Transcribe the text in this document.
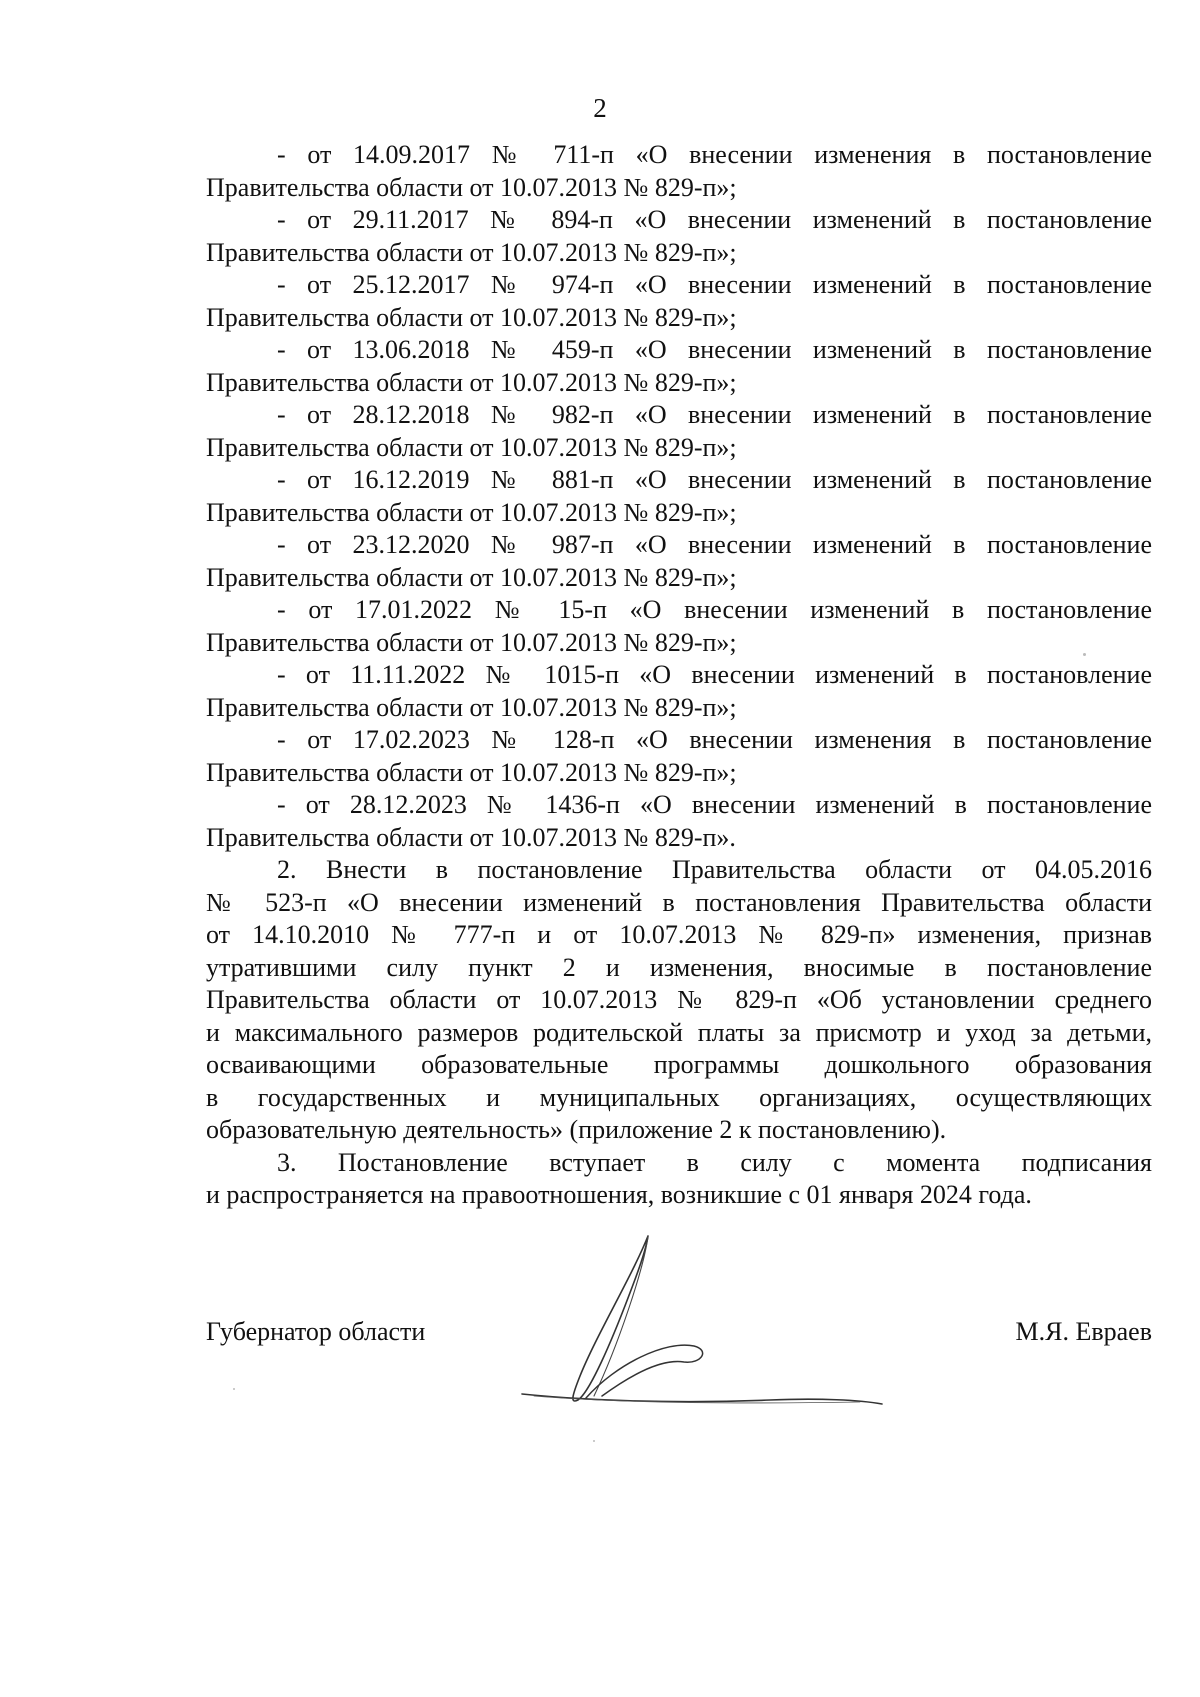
2
- от 14.09.2017 № 711-п «О внесении изменения в постановление
Правительства области от 10.07.2013 № 829-п»;
- от 29.11.2017 № 894-п «О внесении изменений в постановление
Правительства области от 10.07.2013 № 829-п»;
- от 25.12.2017 № 974-п «О внесении изменений в постановление
Правительства области от 10.07.2013 № 829-п»;
- от 13.06.2018 № 459-п «О внесении изменений в постановление
Правительства области от 10.07.2013 № 829-п»;
- от 28.12.2018 № 982-п «О внесении изменений в постановление
Правительства области от 10.07.2013 № 829-п»;
- от 16.12.2019 № 881-п «О внесении изменений в постановление
Правительства области от 10.07.2013 № 829-п»;
- от 23.12.2020 № 987-п «О внесении изменений в постановление
Правительства области от 10.07.2013 № 829-п»;
- от 17.01.2022 № 15-п «О внесении изменений в постановление
Правительства области от 10.07.2013 № 829-п»;
- от 11.11.2022 № 1015-п «О внесении изменений в постановление
Правительства области от 10.07.2013 № 829-п»;
- от 17.02.2023 № 128-п «О внесении изменения в постановление
Правительства области от 10.07.2013 № 829-п»;
- от 28.12.2023 № 1436-п «О внесении изменений в постановление
Правительства области от 10.07.2013 № 829-п».
2. Внести в постановление Правительства области от 04.05.2016
№ 523-п «О внесении изменений в постановления Правительства области
от 14.10.2010 № 777-п и от 10.07.2013 № 829-п» изменения, признав
утратившими силу пункт 2 и изменения, вносимые в постановление
Правительства области от 10.07.2013 № 829-п «Об установлении среднего
и максимального размеров родительской платы за присмотр и уход за детьми,
осваивающими образовательные программы дошкольного образования
в государственных и муниципальных организациях, осуществляющих
образовательную деятельность» (приложение 2 к постановлению).
3. Постановление вступает в силу с момента подписания
и распространяется на правоотношения, возникшие с 01 января 2024 года.
Губернатор области	М.Я. Евраев
